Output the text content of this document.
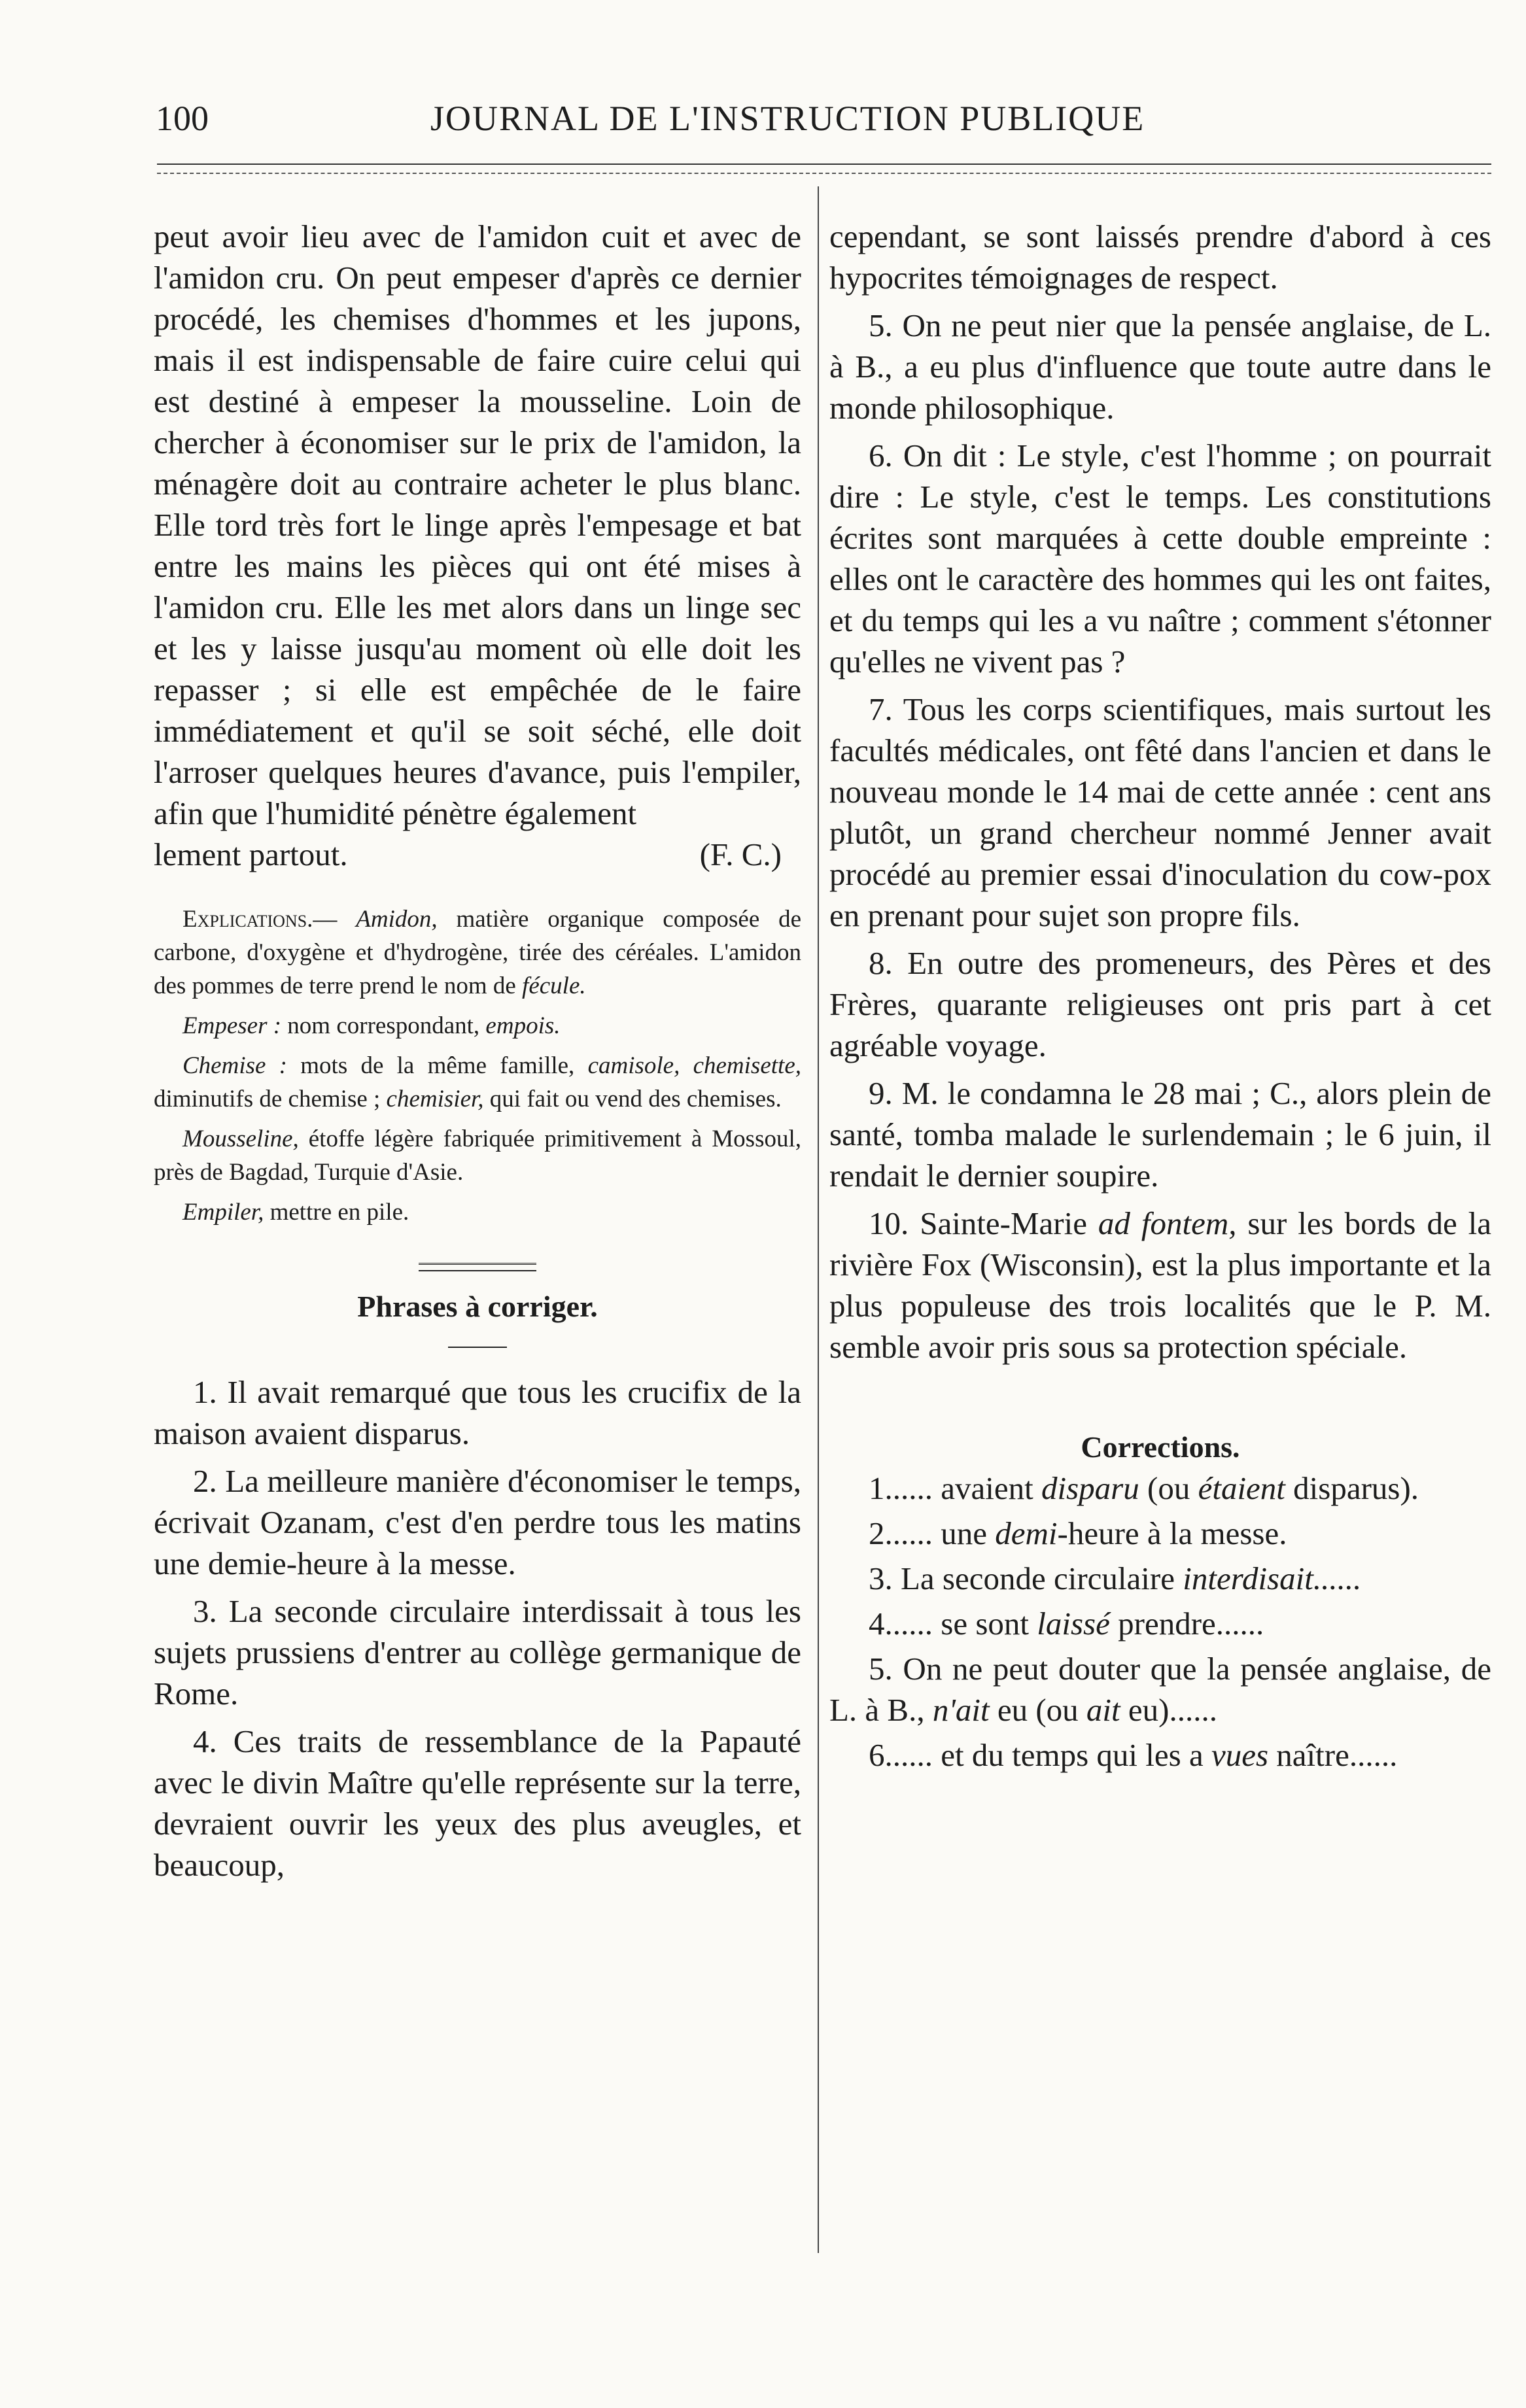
100	JOURNAL DE L'INSTRUCTION PUBLIQUE

peut avoir lieu avec de l'amidon cuit et avec de l'amidon cru. On peut empeser d'après ce dernier procédé, les chemises d'hommes et les jupons, mais il est indispensable de faire cuire celui qui est destiné à empeser la mousseline. Loin de chercher à économiser sur le prix de l'amidon, la ménagère doit au contraire acheter le plus blanc. Elle tord très fort le linge après l'empesage et bat entre les mains les pièces qui ont été mises à l'amidon cru. Elle les met alors dans un linge sec et les y laisse jusqu'au moment où elle doit les repasser ; si elle est empêchée de le faire immédiatement et qu'il se soit séché, elle doit l'arroser quelques heures d'avance, puis l'empiler, afin que l'humidité pénètre également

lement partout.	(F. C.)

Explications.— Amidon, matière organique composée de carbone, d'oxygène et d'hydrogène, tirée des céréales. L'amidon des pommes de terre prend le nom de fécule.

Empeser : nom correspondant, empois.

Chemise : mots de la même famille, camisole, chemisette, diminutifs de chemise ; chemisier, qui fait ou vend des chemises.

Mousseline, étoffe légère fabriquée primitivement à Mossoul, près de Bagdad, Turquie d'Asie.

Empiler, mettre en pile.

Phrases à corriger.

1. Il avait remarqué que tous les crucifix de la maison avaient disparus.

2. La meilleure manière d'économiser le temps, écrivait Ozanam, c'est d'en perdre tous les matins une demie-heure à la messe.

3. La seconde circulaire interdissait à tous les sujets prussiens d'entrer au collège germanique de Rome.

4. Ces traits de ressemblance de la Papauté avec le divin Maître qu'elle représente sur la terre, devraient ouvrir les yeux des plus aveugles, et beaucoup,

cependant, se sont laissés prendre d'abord à ces hypocrites témoignages de respect.

5. On ne peut nier que la pensée anglaise, de L. à B., a eu plus d'influence que toute autre dans le monde philosophique.

6. On dit : Le style, c'est l'homme ; on pourrait dire : Le style, c'est le temps. Les constitutions écrites sont marquées à cette double empreinte : elles ont le caractère des hommes qui les ont faites, et du temps qui les a vu naître ; comment s'étonner qu'elles ne vivent pas ?

7. Tous les corps scientifiques, mais surtout les facultés médicales, ont fêté dans l'ancien et dans le nouveau monde le 14 mai de cette année : cent ans plutôt, un grand chercheur nommé Jenner avait procédé au premier essai d'inoculation du cow-pox en prenant pour sujet son propre fils.

8. En outre des promeneurs, des Pères et des Frères, quarante religieuses ont pris part à cet agréable voyage.

9. M. le condamna le 28 mai ; C., alors plein de santé, tomba malade le surlendemain ; le 6 juin, il rendait le dernier soupire.

10. Sainte-Marie ad fontem, sur les bords de la rivière Fox (Wisconsin), est la plus importante et la plus populeuse des trois localités que le P. M. semble avoir pris sous sa protection spéciale.

Corrections.

1...... avaient disparu (ou étaient disparus).

2...... une demi-heure à la messe.

3. La seconde circulaire interdisait......

4...... se sont laissé prendre......

5. On ne peut douter que la pensée anglaise, de L. à B., n'ait eu (ou ait eu)......

6...... et du temps qui les a vues naître......
